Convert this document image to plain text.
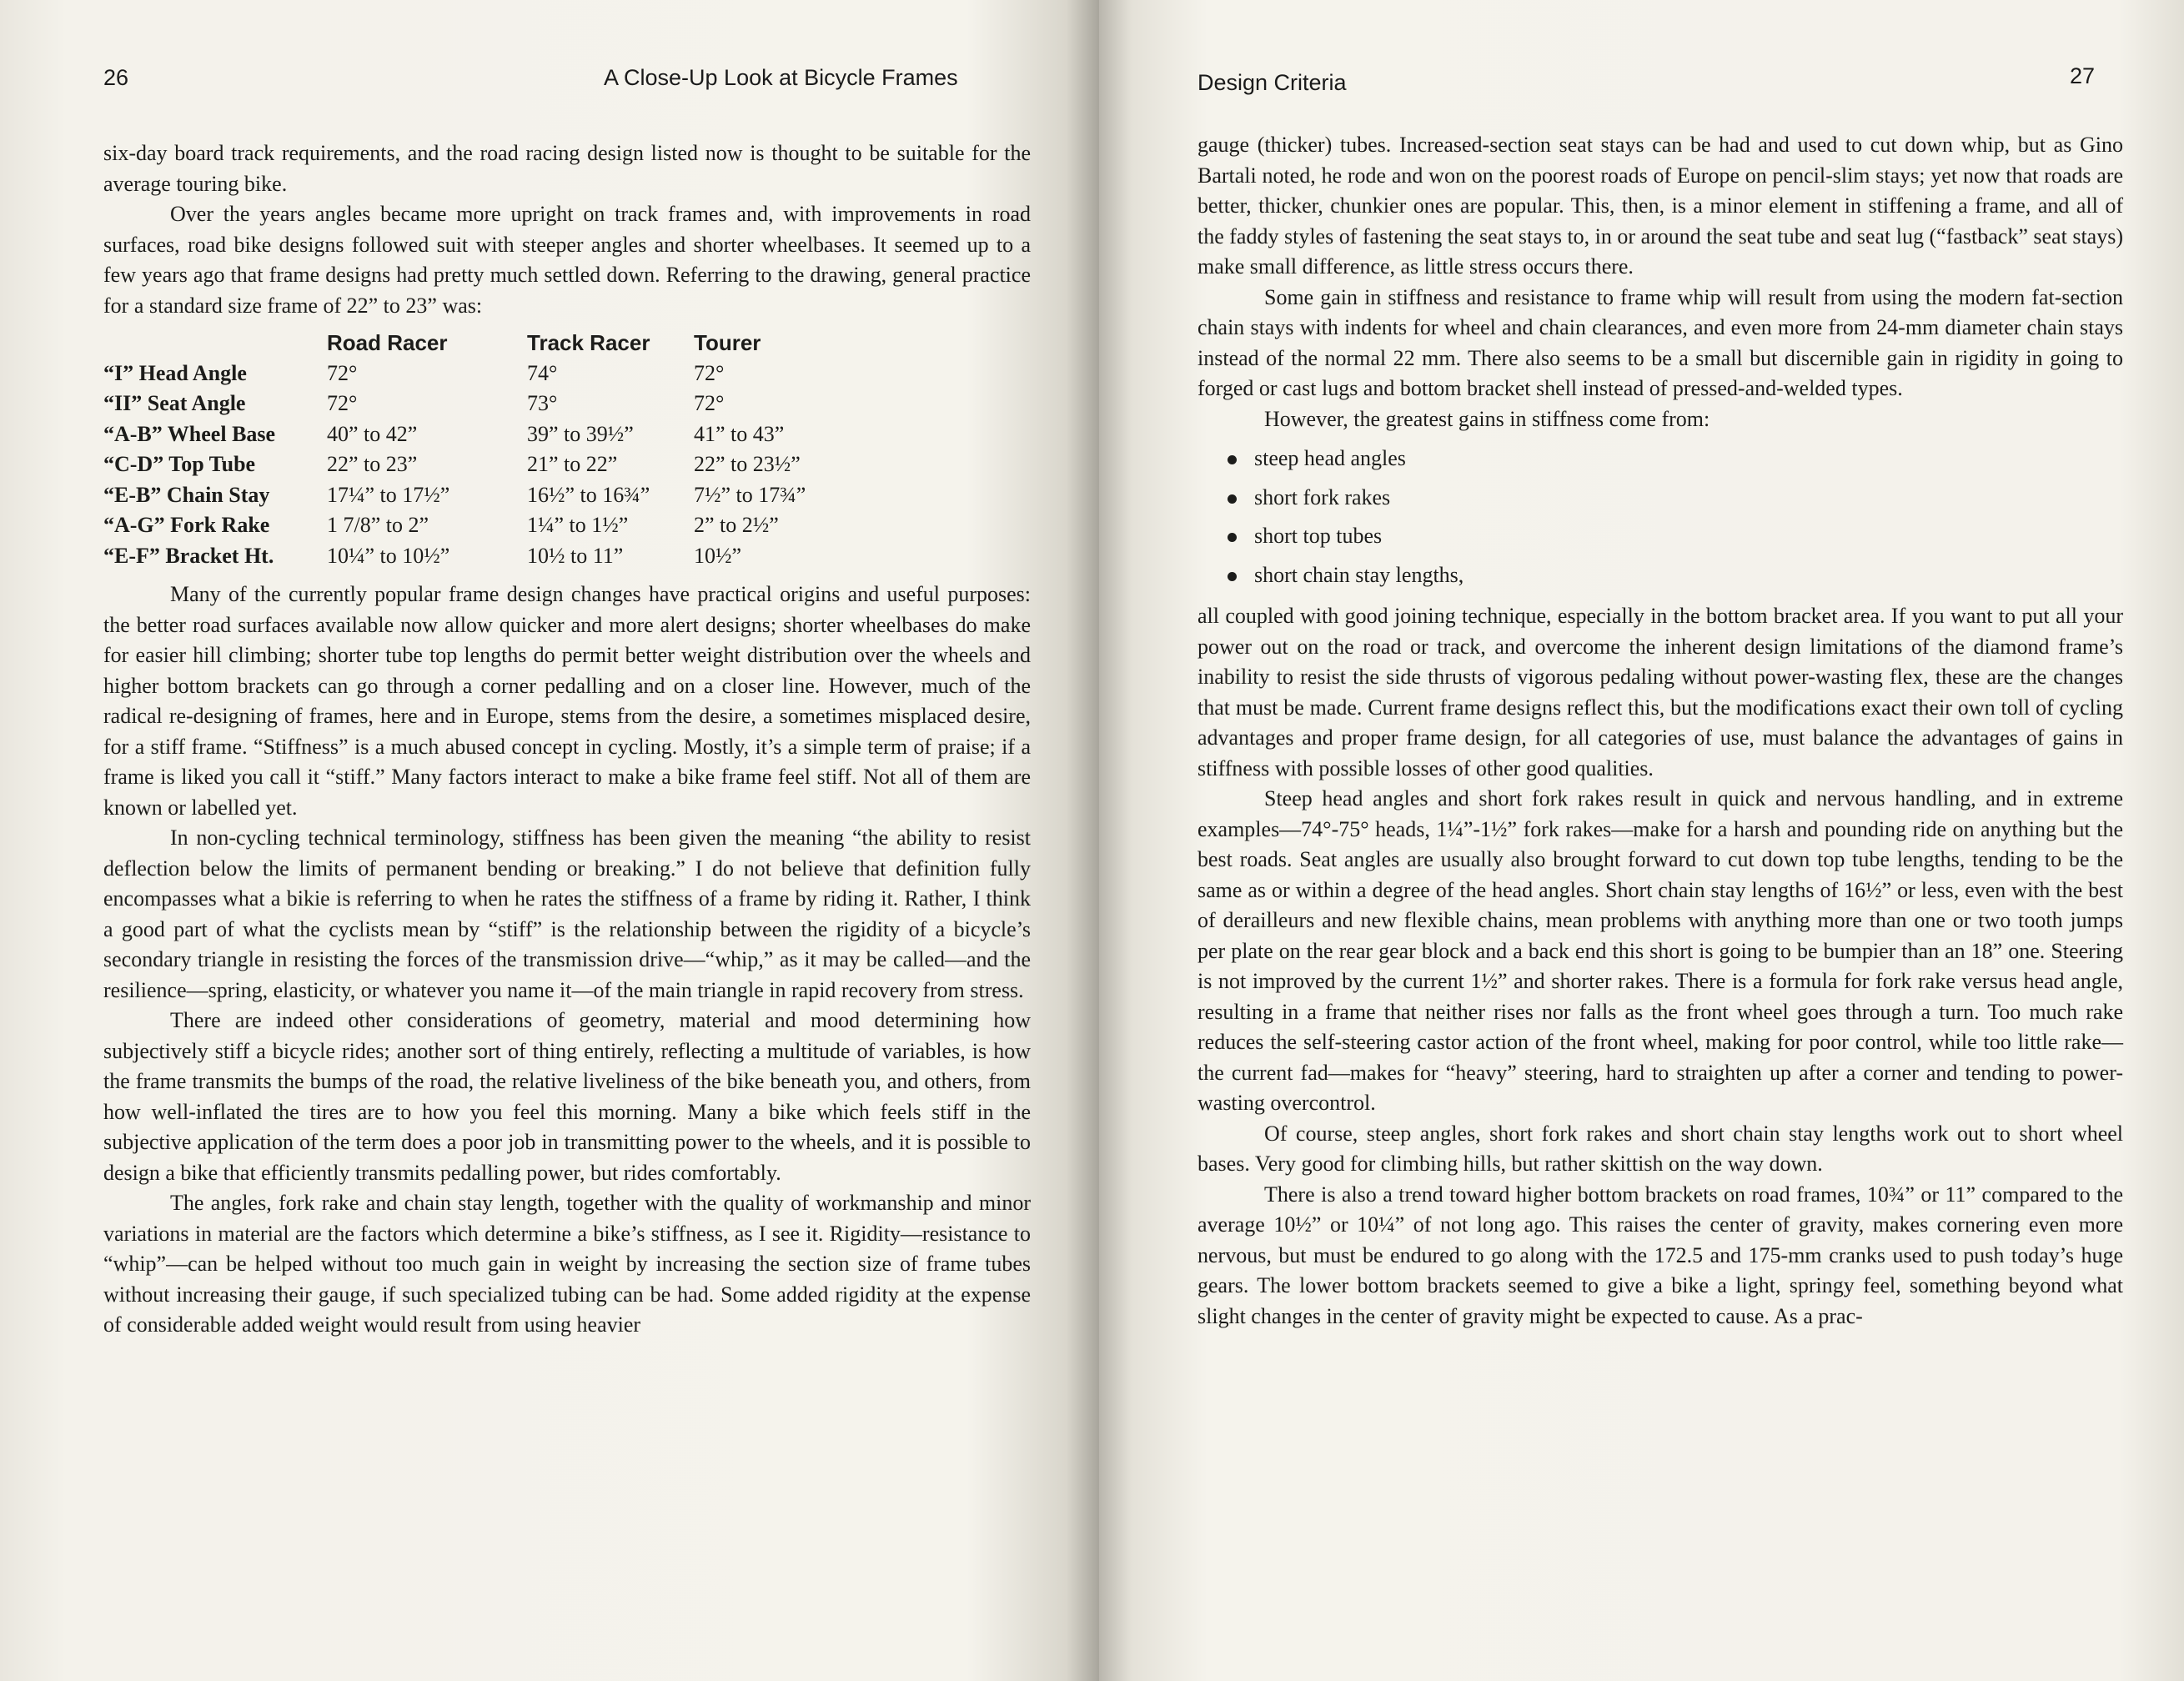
26	A Close-Up Look at Bicycle Frames

six-day board track requirements, and the road racing design listed now is thought to be suitable for the average touring bike.

Over the years angles became more upright on track frames and, with improvements in road surfaces, road bike designs followed suit with steeper angles and shorter wheelbases. It seemed up to a few years ago that frame designs had pretty much settled down. Referring to the drawing, general practice for a standard size frame of 22” to 23” was:

	Road Racer	Track Racer	Tourer
“I” Head Angle	72°	74°	72°
“II” Seat Angle	72°	73°	72°
“A-B” Wheel Base	40” to 42”	39” to 39½”	41” to 43”
“C-D” Top Tube	22” to 23”	21” to 22”	22” to 23½”
“E-B” Chain Stay	17¼” to 17½”	16½” to 16¾”	7½” to 17¾”
“A-G” Fork Rake	1 7/8” to 2”	1¼” to 1½”	2” to 2½”
“E-F” Bracket Ht.	10¼” to 10½”	10½ to 11”	10½”

Many of the currently popular frame design changes have practical origins and useful purposes: the better road surfaces available now allow quicker and more alert designs; shorter wheelbases do make for easier hill climbing; shorter tube top lengths do permit better weight distribution over the wheels and higher bottom brackets can go through a corner pedalling and on a closer line. However, much of the radical re-designing of frames, here and in Europe, stems from the desire, a sometimes misplaced desire, for a stiff frame. “Stiffness” is a much abused concept in cycling. Mostly, it’s a simple term of praise; if a frame is liked you call it “stiff.” Many factors interact to make a bike frame feel stiff. Not all of them are known or labelled yet.

In non-cycling technical terminology, stiffness has been given the meaning “the ability to resist deflection below the limits of permanent bending or breaking.” I do not believe that definition fully encompasses what a bikie is referring to when he rates the stiffness of a frame by riding it. Rather, I think a good part of what the cyclists mean by “stiff” is the relationship between the rigidity of a bicycle’s secondary triangle in resisting the forces of the transmission drive—“whip,” as it may be called—and the resilience—spring, elasticity, or whatever you name it—of the main triangle in rapid recovery from stress.

There are indeed other considerations of geometry, material and mood determining how subjectively stiff a bicycle rides; another sort of thing entirely, reflecting a multitude of variables, is how the frame transmits the bumps of the road, the relative liveliness of the bike beneath you, and others, from how well-inflated the tires are to how you feel this morning. Many a bike which feels stiff in the subjective application of the term does a poor job in transmitting power to the wheels, and it is possible to design a bike that efficiently transmits pedalling power, but rides comfortably.

The angles, fork rake and chain stay length, together with the quality of workmanship and minor variations in material are the factors which determine a bike’s stiffness, as I see it. Rigidity—resistance to “whip”—can be helped without too much gain in weight by increasing the section size of frame tubes without increasing their gauge, if such specialized tubing can be had. Some added rigidity at the expense of considerable added weight would result from using heavier

Design Criteria	27

gauge (thicker) tubes. Increased-section seat stays can be had and used to cut down whip, but as Gino Bartali noted, he rode and won on the poorest roads of Europe on pencil-slim stays; yet now that roads are better, thicker, chunkier ones are popular. This, then, is a minor element in stiffening a frame, and all of the faddy styles of fastening the seat stays to, in or around the seat tube and seat lug (“fastback” seat stays) make small difference, as little stress occurs there.

Some gain in stiffness and resistance to frame whip will result from using the modern fat-section chain stays with indents for wheel and chain clearances, and even more from 24-mm diameter chain stays instead of the normal 22 mm. There also seems to be a small but discernible gain in rigidity in going to forged or cast lugs and bottom bracket shell instead of pressed-and-welded types.

However, the greatest gains in stiffness come from:

steep head angles
short fork rakes
short top tubes
short chain stay lengths,

all coupled with good joining technique, especially in the bottom bracket area. If you want to put all your power out on the road or track, and overcome the inherent design limitations of the diamond frame’s inability to resist the side thrusts of vigorous pedaling without power-wasting flex, these are the changes that must be made. Current frame designs reflect this, but the modifications exact their own toll of cycling advantages and proper frame design, for all categories of use, must balance the advantages of gains in stiffness with possible losses of other good qualities.

Steep head angles and short fork rakes result in quick and nervous handling, and in extreme examples—74°-75° heads, 1¼”-1½” fork rakes—make for a harsh and pounding ride on anything but the best roads. Seat angles are usually also brought forward to cut down top tube lengths, tending to be the same as or within a degree of the head angles. Short chain stay lengths of 16½” or less, even with the best of derailleurs and new flexible chains, mean problems with anything more than one or two tooth jumps per plate on the rear gear block and a back end this short is going to be bumpier than an 18” one. Steering is not improved by the current 1½” and shorter rakes. There is a formula for fork rake versus head angle, resulting in a frame that neither rises nor falls as the front wheel goes through a turn. Too much rake reduces the self-steering castor action of the front wheel, making for poor control, while too little rake—the current fad—makes for “heavy” steering, hard to straighten up after a corner and tending to power-wasting overcontrol.

Of course, steep angles, short fork rakes and short chain stay lengths work out to short wheel bases. Very good for climbing hills, but rather skittish on the way down.

There is also a trend toward higher bottom brackets on road frames, 10¾” or 11” compared to the average 10½” or 10¼” of not long ago. This raises the center of gravity, makes cornering even more nervous, but must be endured to go along with the 172.5 and 175-mm cranks used to push today’s huge gears. The lower bottom brackets seemed to give a bike a light, springy feel, something beyond what slight changes in the center of gravity might be expected to cause. As a prac-
